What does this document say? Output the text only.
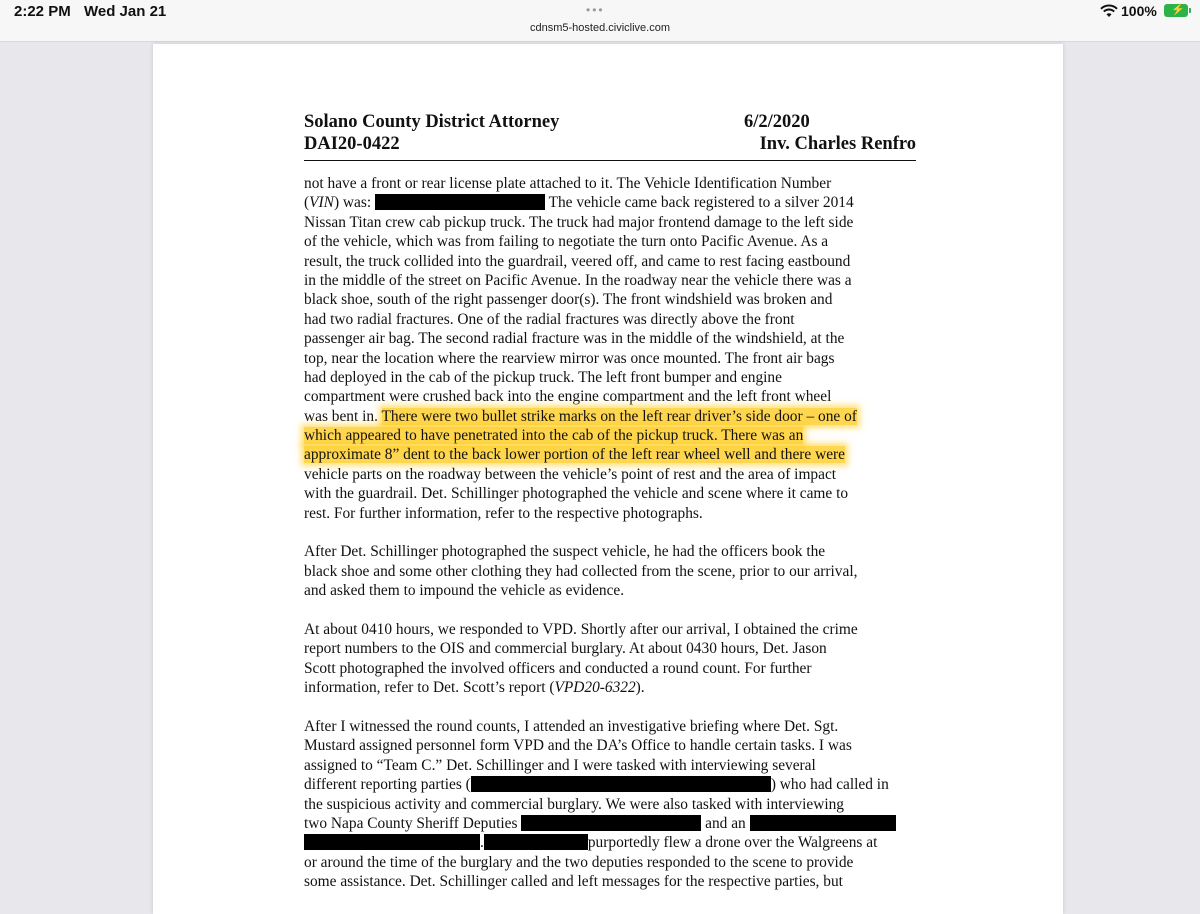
2:22 PM Wed Jan 21	•••
cdnsm5-hosted.civiclive.com
100% ⚡
Solano County District Attorney	6/2/2020
DAI20-0422	Inv. Charles Renfro
not have a front or rear license plate attached to it. The Vehicle Identification Number
(VIN) was:	The vehicle came back registered to a silver 2014
Nissan Titan crew cab pickup truck. The truck had major frontend damage to the left side
of the vehicle, which was from failing to negotiate the turn onto Pacific Avenue. As a
result, the truck collided into the guardrail, veered off, and came to rest facing eastbound
in the middle of the street on Pacific Avenue. In the roadway near the vehicle there was a
black shoe, south of the right passenger door(s). The front windshield was broken and
had two radial fractures. One of the radial fractures was directly above the front
passenger air bag. The second radial fracture was in the middle of the windshield, at the
top, near the location where the rearview mirror was once mounted. The front air bags
had deployed in the cab of the pickup truck. The left front bumper and engine
compartment were crushed back into the engine compartment and the left front wheel
was bent in. There were two bullet strike marks on the left rear driver’s side door – one of
which appeared to have penetrated into the cab of the pickup truck. There was an
approximate 8” dent to the back lower portion of the left rear wheel well and there were
vehicle parts on the roadway between the vehicle’s point of rest and the area of impact
with the guardrail. Det. Schillinger photographed the vehicle and scene where it came to
rest. For further information, refer to the respective photographs.
After Det. Schillinger photographed the suspect vehicle, he had the officers book the
black shoe and some other clothing they had collected from the scene, prior to our arrival,
and asked them to impound the vehicle as evidence.
At about 0410 hours, we responded to VPD. Shortly after our arrival, I obtained the crime
report numbers to the OIS and commercial burglary. At about 0430 hours, Det. Jason
Scott photographed the involved officers and conducted a round count. For further
information, refer to Det. Scott’s report (VPD20-6322).
After I witnessed the round counts, I attended an investigative briefing where Det. Sgt.
Mustard assigned personnel form VPD and the DA’s Office to handle certain tasks. I was
assigned to “Team C.” Det. Schillinger and I were tasked with interviewing several
different reporting parties (	) who had called in
the suspicious activity and commercial burglary. We were also tasked with interviewing
two Napa County Sheriff Deputies	and an
.	purportedly flew a drone over the Walgreens at
or around the time of the burglary and the two deputies responded to the scene to provide
some assistance. Det. Schillinger called and left messages for the respective parties, but
